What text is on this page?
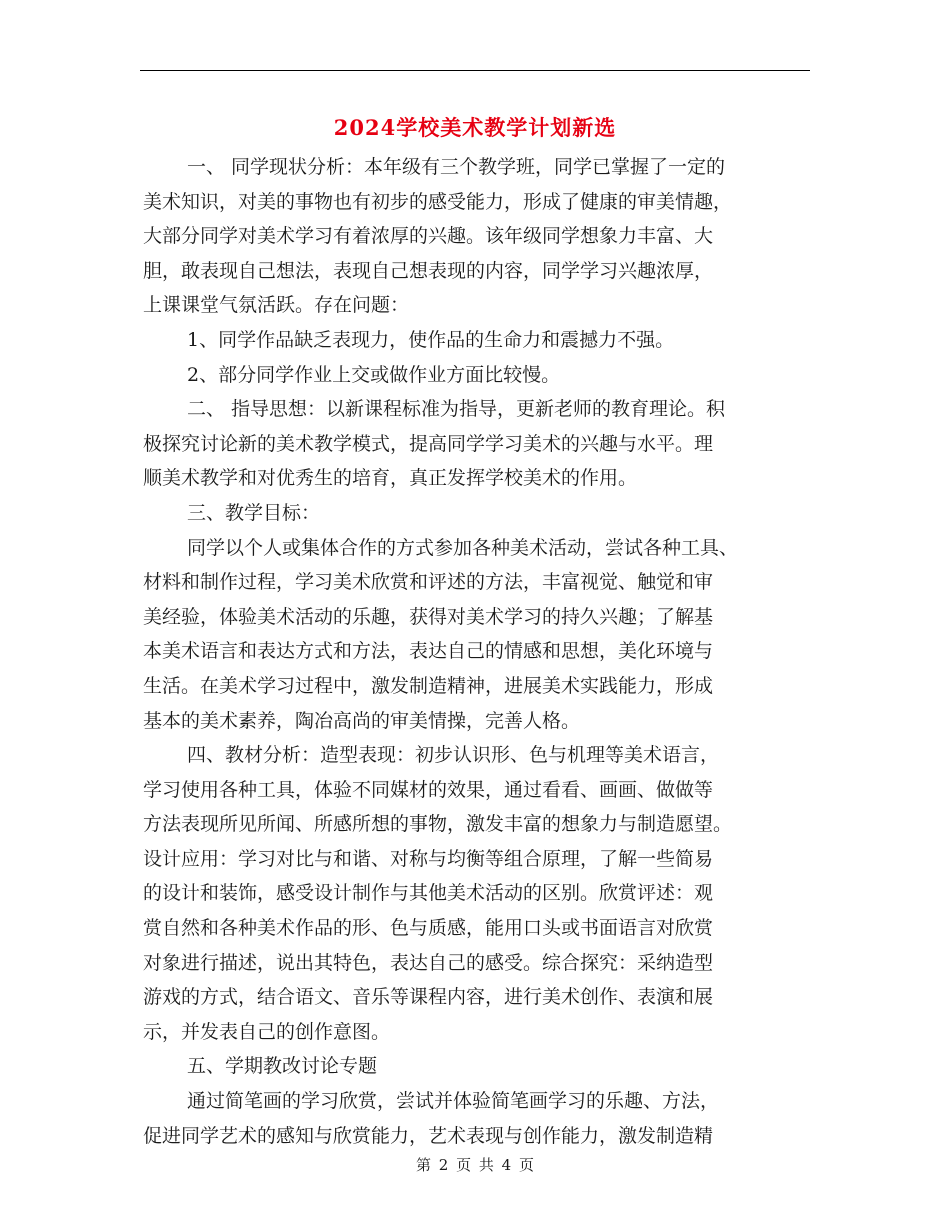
2024学校美术教学计划新选
一、 同学现状分析：本年级有三个教学班，同学已掌握了一定的
美术知识，对美的事物也有初步的感受能力，形成了健康的审美情趣，
大部分同学对美术学习有着浓厚的兴趣。该年级同学想象力丰富、大
胆，敢表现自己想法，表现自己想表现的内容，同学学习兴趣浓厚，
上课课堂气氛活跃。存在问题：
1、同学作品缺乏表现力，使作品的生命力和震撼力不强。
2、部分同学作业上交或做作业方面比较慢。
二、 指导思想：以新课程标准为指导，更新老师的教育理论。积
极探究讨论新的美术教学模式，提高同学学习美术的兴趣与水平。理
顺美术教学和对优秀生的培育，真正发挥学校美术的作用。
三、教学目标：
同学以个人或集体合作的方式参加各种美术活动，尝试各种工具、
材料和制作过程，学习美术欣赏和评述的方法，丰富视觉、触觉和审
美经验，体验美术活动的乐趣，获得对美术学习的持久兴趣；了解基
本美术语言和表达方式和方法，表达自己的情感和思想，美化环境与
生活。在美术学习过程中，激发制造精神，进展美术实践能力，形成
基本的美术素养，陶冶高尚的审美情操，完善人格。
四、教材分析：造型表现：初步认识形、色与机理等美术语言，
学习使用各种工具，体验不同媒材的效果，通过看看、画画、做做等
方法表现所见所闻、所感所想的事物，激发丰富的想象力与制造愿望。
设计应用：学习对比与和谐、对称与均衡等组合原理，了解一些简易
的设计和装饰，感受设计制作与其他美术活动的区别。欣赏评述：观
赏自然和各种美术作品的形、色与质感，能用口头或书面语言对欣赏
对象进行描述，说出其特色，表达自己的感受。综合探究：采纳造型
游戏的方式，结合语文、音乐等课程内容，进行美术创作、表演和展
示，并发表自己的创作意图。
五、学期教改讨论专题
通过简笔画的学习欣赏，尝试并体验简笔画学习的乐趣、方法，
促进同学艺术的感知与欣赏能力，艺术表现与创作能力，激发制造精
第 2 页 共 4 页
